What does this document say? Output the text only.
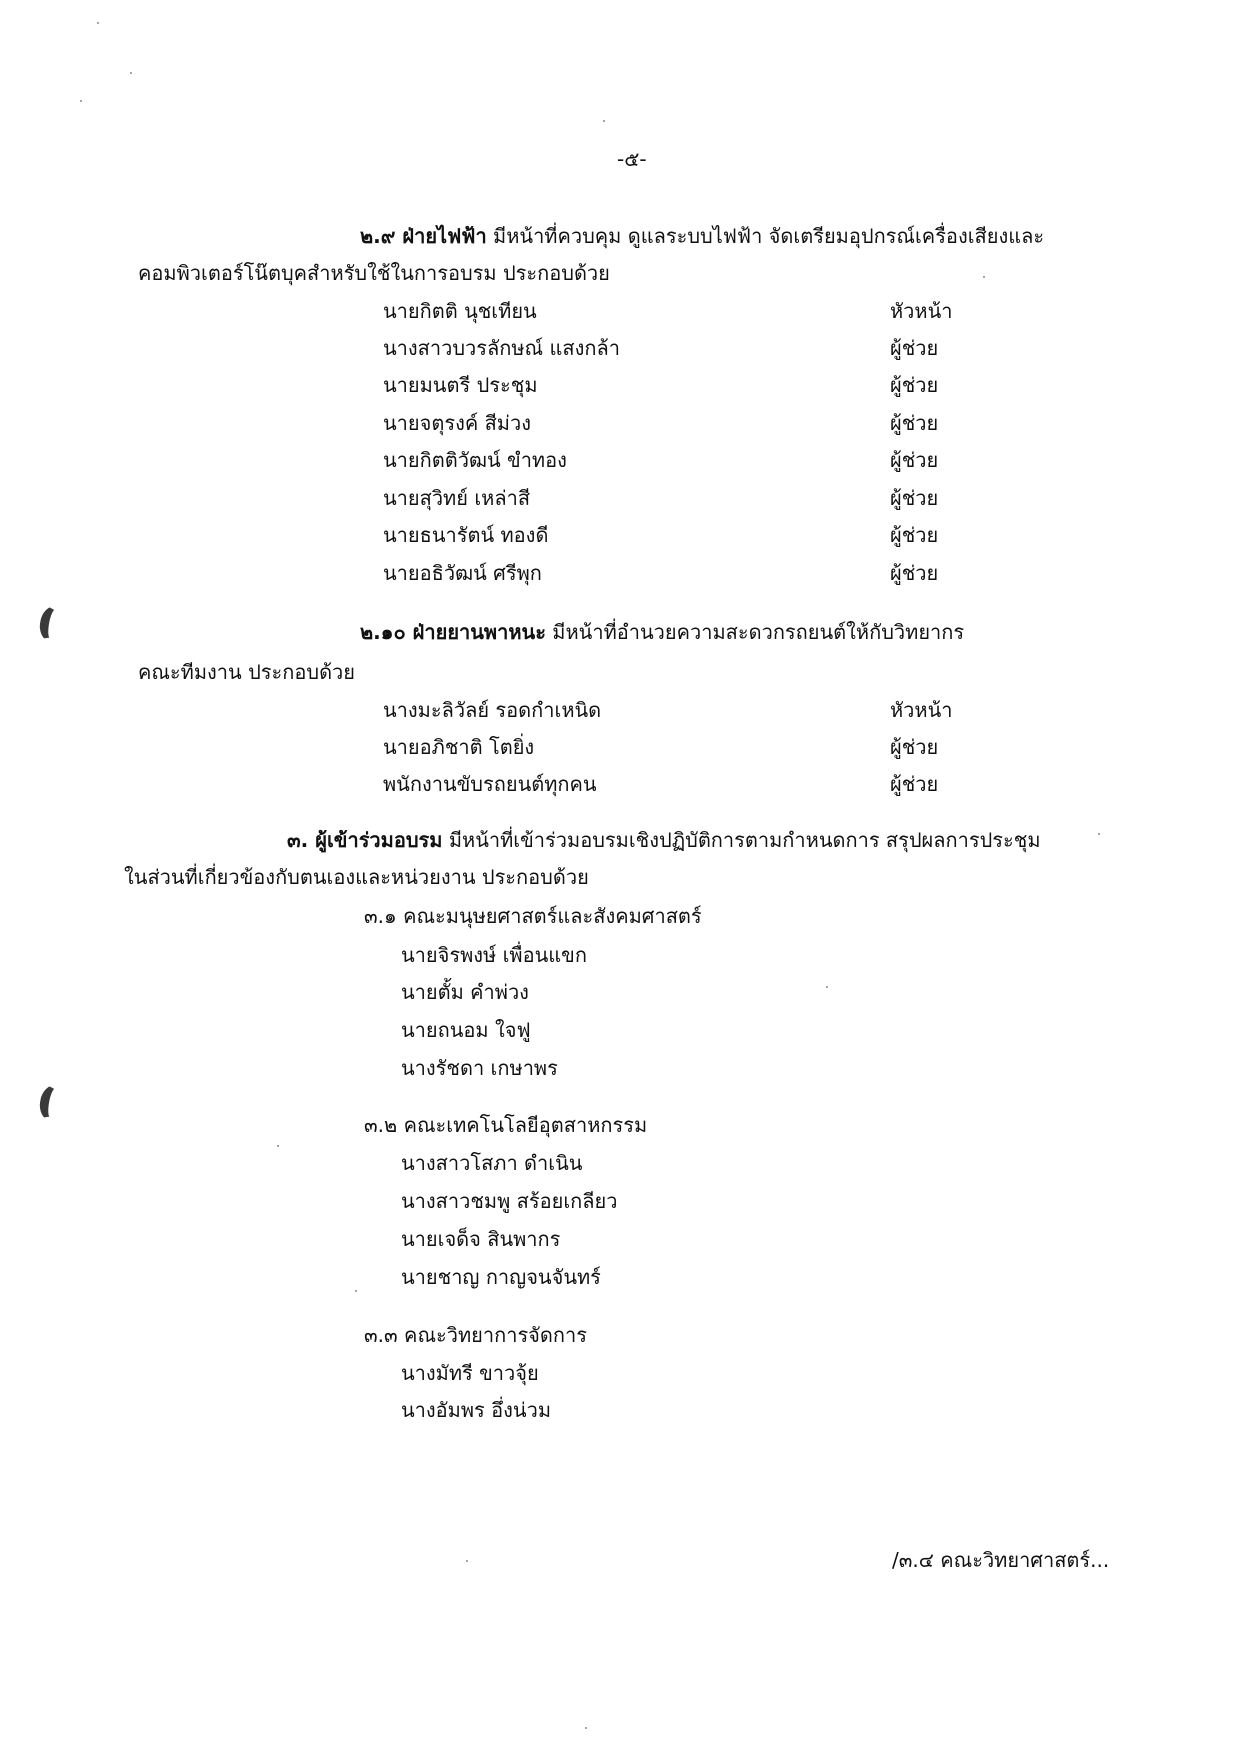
-๕-
๒.๙ ฝ่ายไฟฟ้า มีหน้าที่ควบคุม ดูแลระบบไฟฟ้า จัดเตรียมอุปกรณ์เครื่องเสียงและ
คอมพิวเตอร์โน๊ตบุคสำหรับใช้ในการอบรม ประกอบด้วย
นายกิตติ นุชเทียน	หัวหน้า
นางสาวบวรลักษณ์ แสงกล้า	ผู้ช่วย
นายมนตรี ประชุม	ผู้ช่วย
นายจตุรงค์ สีม่วง	ผู้ช่วย
นายกิตติวัฒน์ ขำทอง	ผู้ช่วย
นายสุวิทย์ เหล่าสี	ผู้ช่วย
นายธนารัตน์ ทองดี	ผู้ช่วย
นายอธิวัฒน์ ศรีพุก	ผู้ช่วย
๒.๑๐ ฝ่ายยานพาหนะ มีหน้าที่อำนวยความสะดวกรถยนต์ให้กับวิทยากร
คณะทีมงาน ประกอบด้วย
นางมะลิวัลย์ รอดกำเหนิด	หัวหน้า
นายอภิชาติ โตยิ่ง	ผู้ช่วย
พนักงานขับรถยนต์ทุกคน	ผู้ช่วย
๓. ผู้เข้าร่วมอบรม มีหน้าที่เข้าร่วมอบรมเชิงปฏิบัติการตามกำหนดการ สรุปผลการประชุม
ในส่วนที่เกี่ยวข้องกับตนเองและหน่วยงาน ประกอบด้วย
๓.๑ คณะมนุษยศาสตร์และสังคมศาสตร์
นายจิรพงษ์ เพื่อนแขก
นายตั้ม คำพ่วง
นายถนอม ใจฟู
นางรัชดา เกษาพร
๓.๒ คณะเทคโนโลยีอุตสาหกรรม
นางสาวโสภา ดำเนิน
นางสาวชมพู สร้อยเกลียว
นายเจด็จ สินพากร
นายชาญ กาญจนจันทร์
๓.๓ คณะวิทยาการจัดการ
นางมัทรี ขาวจุ้ย
นางอัมพร อึ่งน่วม
/๓.๔ คณะวิทยาศาสตร์...
